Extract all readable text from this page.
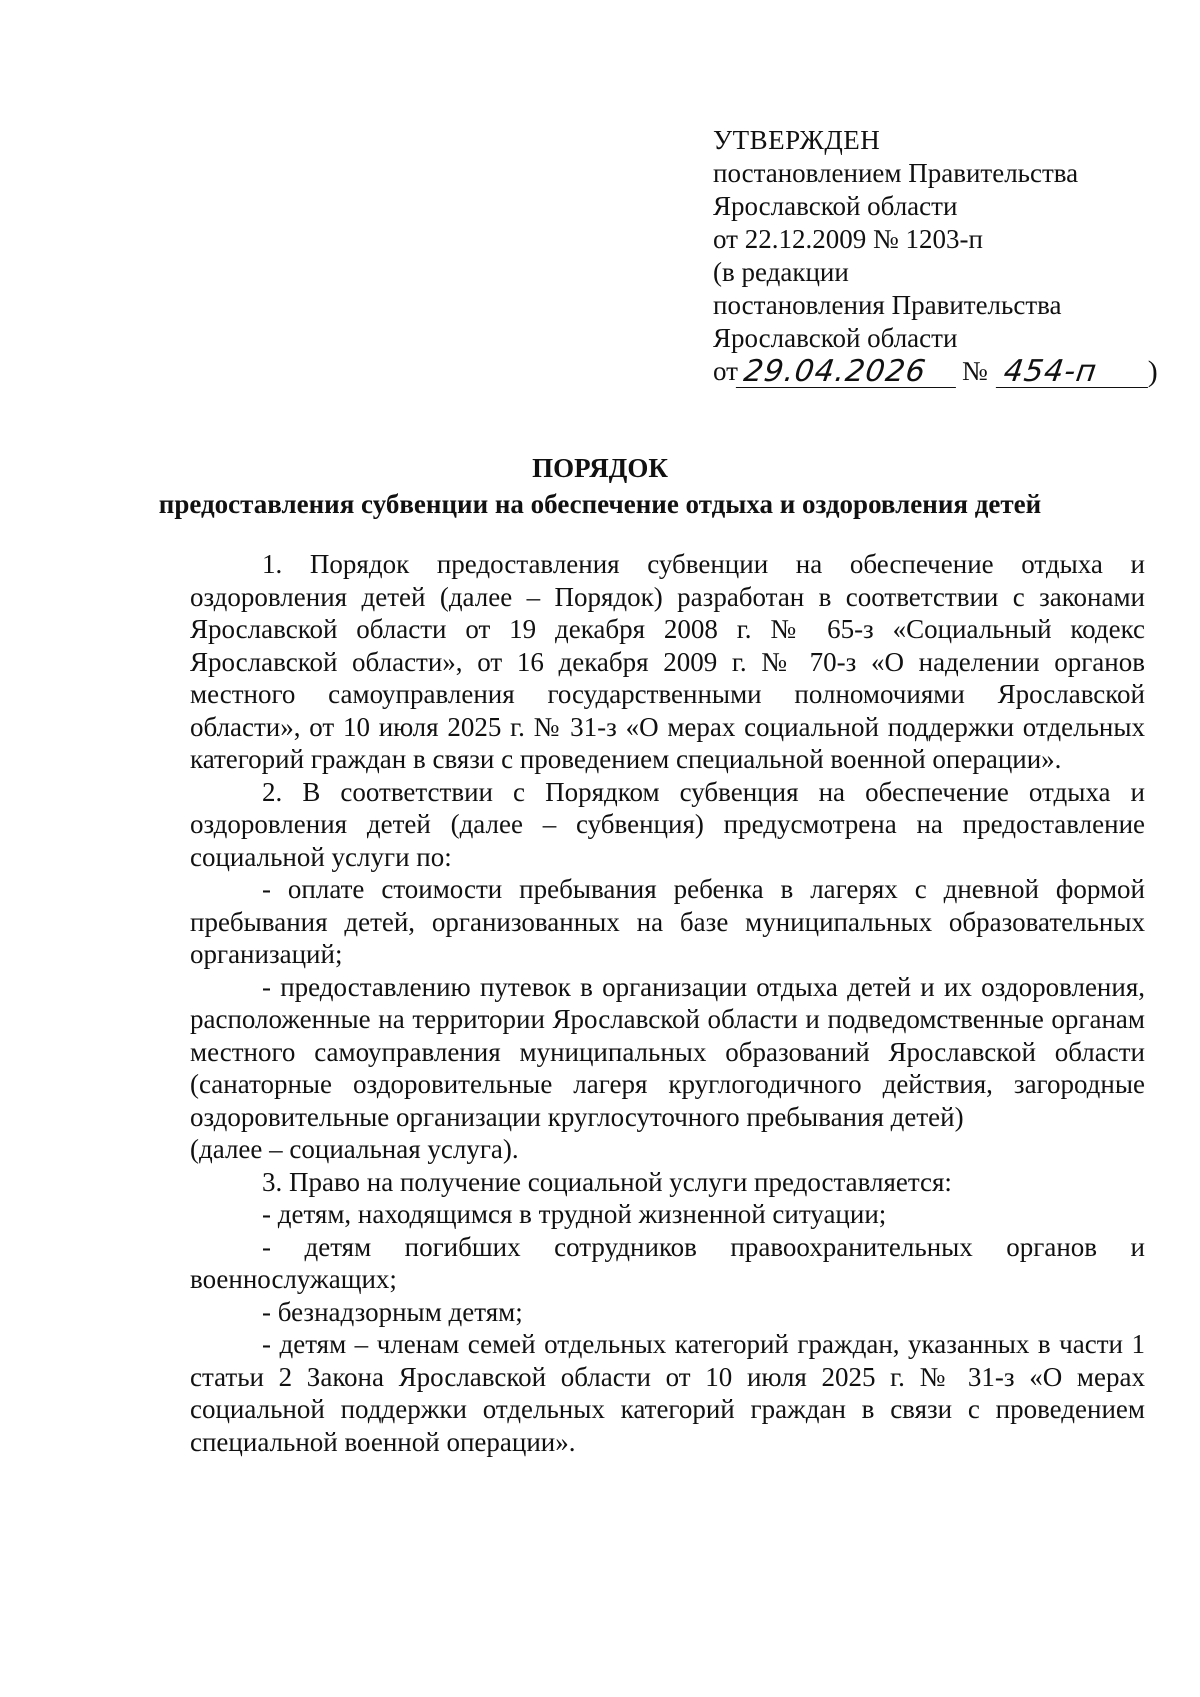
УТВЕРЖДЕН
постановлением Правительства
Ярославской области
от 22.12.2009 № 1203-п
(в редакции
постановления Правительства
Ярославской области
от 29.04.2026	№ 454-п	)
ПОРЯДОК
предоставления субвенции на обеспечение отдыха и оздоровления детей

1. Порядок предоставления субвенции на обеспечение отдыха и оздоровления детей (далее – Порядок) разработан в соответствии с законами Ярославской области от 19 декабря 2008 г. № 65-з «Социальный кодекс Ярославской области», от 16 декабря 2009 г. № 70-з «О наделении органов местного самоуправления государственными полномочиями Ярославской области», от 10 июля 2025 г. № 31-з «О мерах социальной поддержки отдельных категорий граждан в связи с проведением специальной военной операции».

2. В соответствии с Порядком субвенция на обеспечение отдыха и оздоровления детей (далее – субвенция) предусмотрена на предоставление социальной услуги по:

- оплате стоимости пребывания ребенка в лагерях с дневной формой пребывания детей, организованных на базе муниципальных образовательных организаций;

- предоставлению путевок в организации отдыха детей и их оздоровления, расположенные на территории Ярославской области и подведомственные органам местного самоуправления муниципальных образований Ярославской области (санаторные оздоровительные лагеря круглогодичного действия, загородные оздоровительные организации круглосуточного пребывания детей)

(далее – социальная услуга).

3. Право на получение социальной услуги предоставляется:

- детям, находящимся в трудной жизненной ситуации;

- детям погибших сотрудников правоохранительных органов и военнослужащих;

- безнадзорным детям;

- детям – членам семей отдельных категорий граждан, указанных в части 1 статьи 2 Закона Ярославской области от 10 июля 2025 г. № 31-з «О мерах социальной поддержки отдельных категорий граждан в связи с проведением специальной военной операции».
